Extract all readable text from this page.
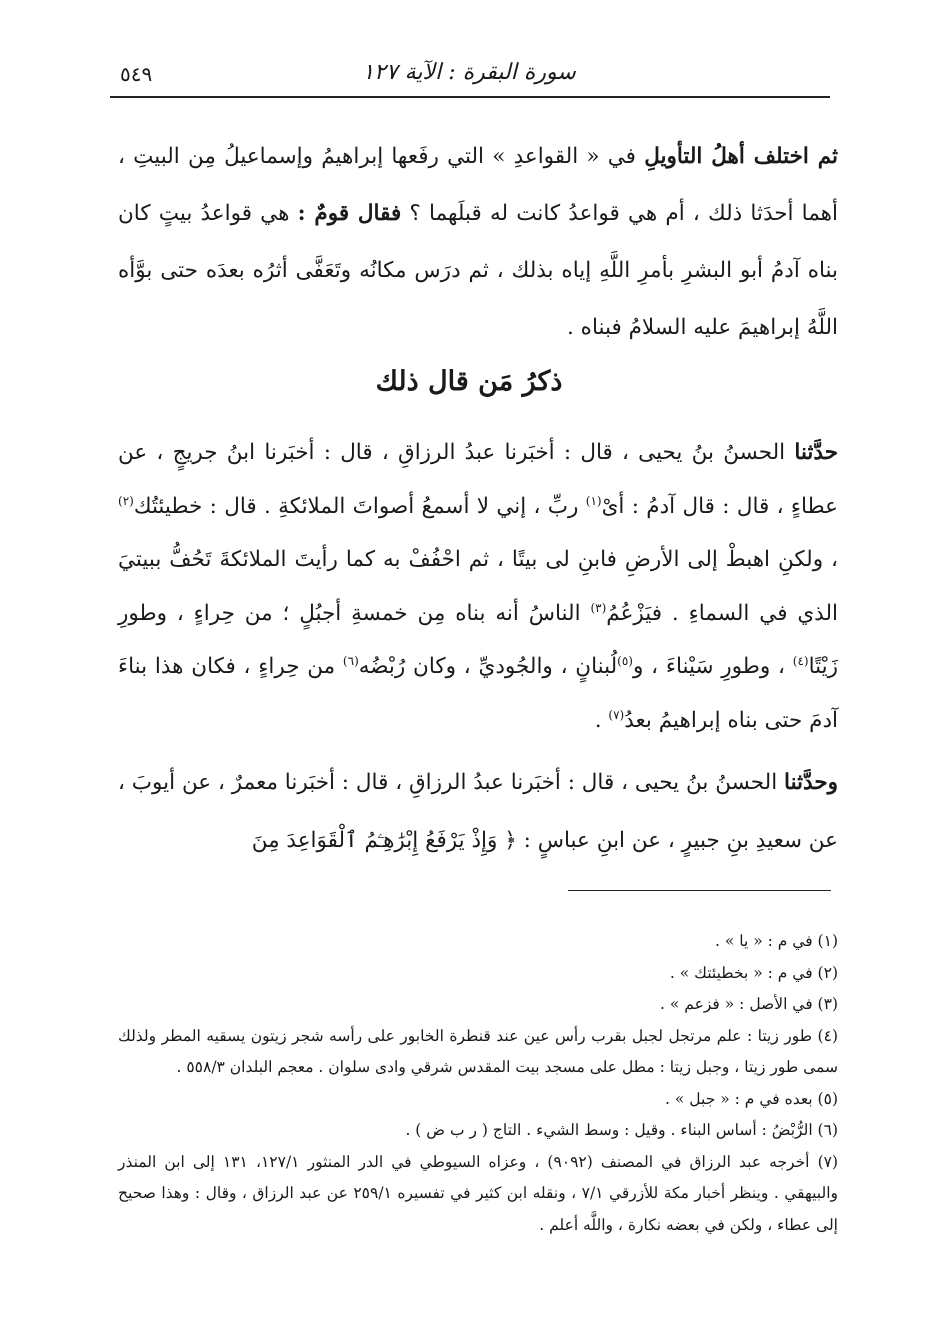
سورة البقرة : الآية ١٢٧
٥٤٩

ثم اختلف أهلُ التأويلِ في « القواعدِ » التي رفَعها إبراهيمُ وإسماعيلُ مِن البيتِ ، أهما أحدَثا ذلك ، أم هي قواعدُ كانت له قبلَهما ؟ فقال قومٌ : هي قواعدُ بيتٍ كان بناه آدمُ أبو البشرِ بأمرِ اللَّهِ إياه بذلك ، ثم درَس مكانُه وتَعَفَّى أثرُه بعدَه حتى بوَّأه اللَّهُ إبراهيمَ عليه السلامُ فبناه .

ذكرُ مَن قال ذلك
حدَّثنا الحسنُ بنُ يحيى ، قال : أخبَرنا عبدُ الرزاقِ ، قال : أخبَرنا ابنُ جريجٍ ، عن عطاءٍ ، قال : قال آدمُ : أىْ$^{(١)}$ ربِّ ، إني لا أسمعُ أصواتَ الملائكةِ . قال : خطيئتُك$^{(٢)}$ ، ولكنِ اهبطْ إلى الأرضِ فابنِ لى بيتًا ، ثم احْفُفْ به كما رأيتَ الملائكةَ تَحُفُّ ببيتيَ الذي في السماءِ . فيَزْعُمُ$^{(٣)}$ الناسُ أنه بناه مِن خمسةِ أجبُلٍ ؛ من حِراءٍ ، وطورِ زَيْتًا$^{(٤)}$ ، وطورِ سَيْناءَ ، و$^{(٥)}$لُبنانٍ ، والجُوديِّ ، وكان رُبْضُه$^{(٦)}$ من حِراءٍ ، فكان هذا بناءَ آدمَ حتى بناه إبراهيمُ بعدُ$^{(٧)}$ .
وحدَّثنا الحسنُ بنُ يحيى ، قال : أخبَرنا عبدُ الرزاقِ ، قال : أخبَرنا معمرٌ ، عن أيوبَ ، عن سعيدِ بنِ جبيرٍ ، عن ابنِ عباسٍ : ﴿ وَإِذْ يَرْفَعُ إِبْرَٰهِـۧمُ ٱلْقَوَاعِدَ مِنَ

(١) في م : « يا » .

(٢) في م : « بخطيئتك » .

(٣) في الأصل : « فزعم » .

(٤) طور زيتا : علم مرتجل لجبل بقرب رأس عين عند قنطرة الخابور على رأسه شجر زيتون يسقيه المطر ولذلك سمى طور زيتا ، وجبل زيتا : مطل على مسجد بيت المقدس شرقي وادى سلوان . معجم البلدان ٥٥٨/٣ .

(٥) بعده في م : « جبل » .

(٦) الرُّبْضُ : أساس البناء . وقيل : وسط الشيء . التاج ( ر ب ض ) .

(٧) أخرجه عبد الرزاق في المصنف (٩٠٩٢) ، وعزاه السيوطي في الدر المنثور ١٢٧/١، ١٣١ إلى ابن المنذر والبيهقي . وينظر أخبار مكة للأزرقي ٧/١ ، ونقله ابن كثير في تفسيره ٢٥٩/١ عن عبد الرزاق ، وقال : وهذا صحيح إلى عطاء ، ولكن في بعضه نكارة ، واللَّه أعلم .
